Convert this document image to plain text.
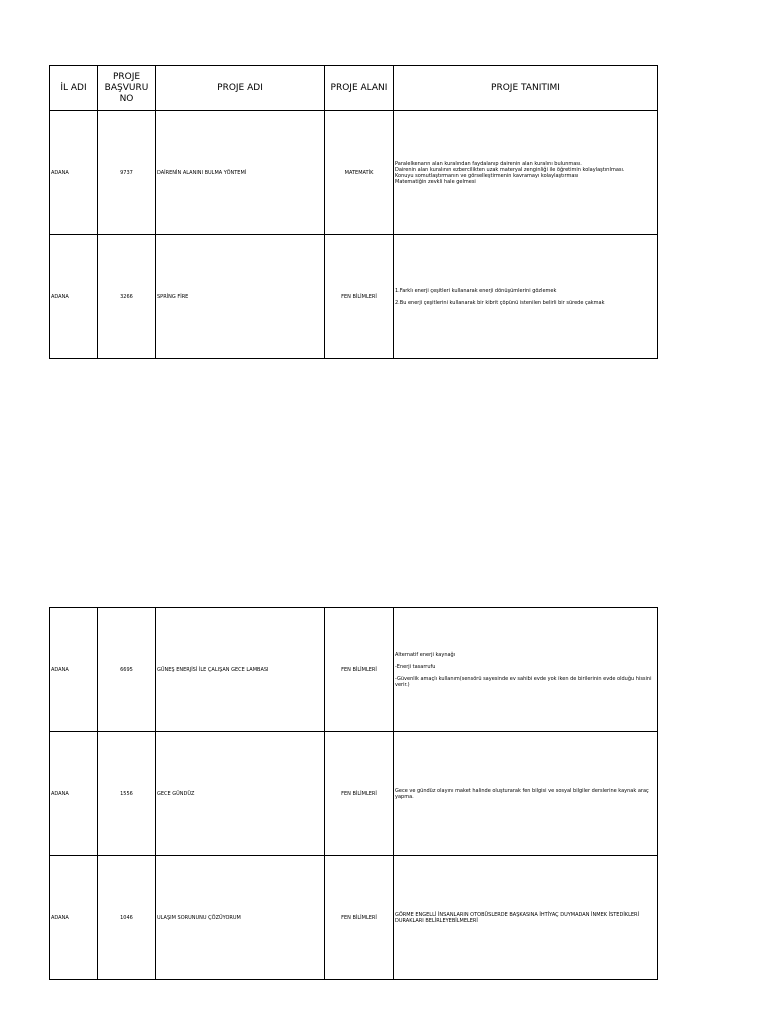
İL ADI	PROJE BAŞVURU NO	PROJE ADI	PROJE ALANI	PROJE TANITIMI
ADANA	9737	DAİRENİN ALANINI BULMA YÖNTEMİ	MATEMATİK	Paralelkenarın alan kuralından faydalanıp dairenin alan kuralını bulunması.

Dairenin alan kuralının ezbercilikten uzak materyal zenginliği ile öğretimin kolaylaştırılması.

Konuyu somutlaştırmanın ve görselleştirmenin kavramayı kolaylaştırması

Matematiğin zevkli hale gelmesi

ADANA	3266	SPRİNG FİRE	FEN BİLİMLERİ	1.Farklı enerji çeşitleri kullanarak enerji dönüşümlerini gözlemek

2.Bu enerji çeşitlerini kullanarak bir kibrit çöpünü istenilen belirli bir sürede çakmak

ADANA	6695	GÜNEŞ ENERJİSİ İLE ÇALIŞAN GECE LAMBASI	FEN BİLİMLERİ	Alternatif enerji kaynağı

-Enerji tasarrufu

-Güvenlik amaçlı kullanım(sensörü sayesinde ev sahibi evde yok iken de birilerinin evde olduğu hissini verir.)

ADANA	1556	GECE GÜNDÜZ	FEN BİLİMLERİ	Gece ve gündüz olayını maket halinde oluşturarak fen bilgisi ve sosyal bilgiler derslerine kaynak araç yapma.

ADANA	1046	ULAŞIM SORUNUNU ÇÖZÜYORUM	FEN BİLİMLERİ	GÖRME ENGELLİ İNSANLARIN OTOBÜSLERDE BAŞKASINA İHTİYAÇ DUYMADAN İNMEK İSTEDİKLERİ DURAKLARI BELİRLEYEBİLMELERİ
